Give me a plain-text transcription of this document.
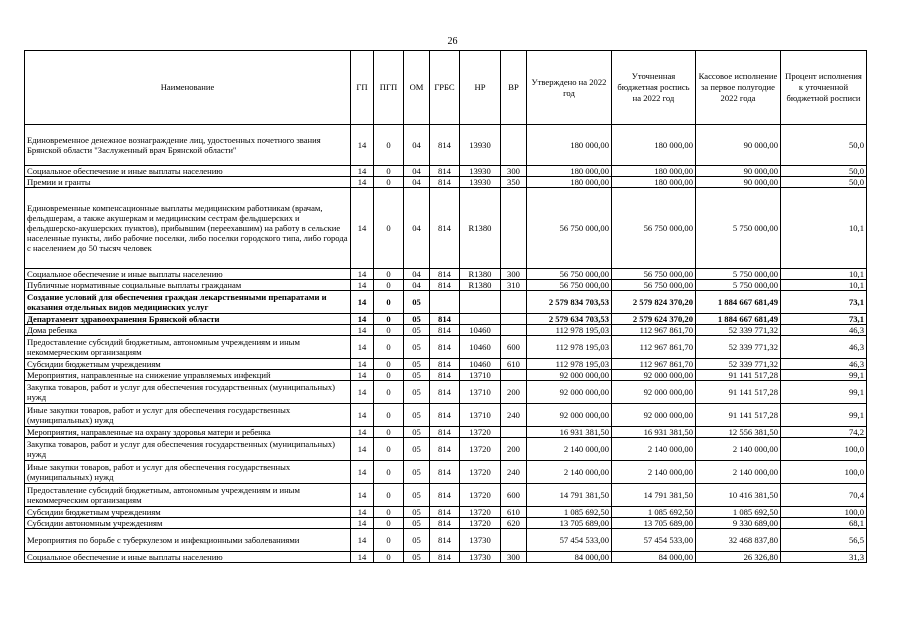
26
Наименование	ГП	ПГП	ОМ	ГРБС	НР	ВР	Утверждено на 2022 год	Уточненная бюджетная роспись на 2022 год	Кассовое исполнение за первое полугодие 2022 года	Процент исполнения к уточненной бюджетной росписи
Единовременное денежное вознаграждение лиц, удостоенных почетного звания Брянской области "Заслуженный врач Брянской области"	14	0	04	814	13930		180 000,00	180 000,00	90 000,00	50,0
Социальное обеспечение и иные выплаты населению	14	0	04	814	13930	300	180 000,00	180 000,00	90 000,00	50,0
Премии и гранты	14	0	04	814	13930	350	180 000,00	180 000,00	90 000,00	50,0
Единовременные компенсационные выплаты медицинским работникам (врачам, фельдшерам, а также акушеркам и медицинским сестрам фельдшерских и фельдшерско-акушерских пунктов), прибывшим (переехавшим) на работу в сельские населенные пункты, либо рабочие поселки, либо поселки городского типа, либо города с населением до 50 тысяч человек	14	0	04	814	R1380		56 750 000,00	56 750 000,00	5 750 000,00	10,1
Социальное обеспечение и иные выплаты населению	14	0	04	814	R1380	300	56 750 000,00	56 750 000,00	5 750 000,00	10,1
Публичные нормативные социальные выплаты гражданам	14	0	04	814	R1380	310	56 750 000,00	56 750 000,00	5 750 000,00	10,1
Создание условий для обеспечения граждан лекарственными препаратами и оказания отдельных видов медицинских услуг	14	0	05				2 579 834 703,53	2 579 824 370,20	1 884 667 681,49	73,1
Департамент здравоохранения Брянской области	14	0	05	814			2 579 634 703,53	2 579 624 370,20	1 884 667 681,49	73,1
Дома ребенка	14	0	05	814	10460		112 978 195,03	112 967 861,70	52 339 771,32	46,3
Предоставление субсидий бюджетным, автономным учреждениям и иным некоммерческим организациям	14	0	05	814	10460	600	112 978 195,03	112 967 861,70	52 339 771,32	46,3
Субсидии бюджетным учреждениям	14	0	05	814	10460	610	112 978 195,03	112 967 861,70	52 339 771,32	46,3
Мероприятия, направленные на снижение управляемых инфекций	14	0	05	814	13710		92 000 000,00	92 000 000,00	91 141 517,28	99,1
Закупка товаров, работ и услуг для обеспечения государственных (муниципальных) нужд	14	0	05	814	13710	200	92 000 000,00	92 000 000,00	91 141 517,28	99,1
Иные закупки товаров, работ и услуг для обеспечения государственных (муниципальных) нужд	14	0	05	814	13710	240	92 000 000,00	92 000 000,00	91 141 517,28	99,1
Мероприятия, направленные на охрану здоровья матери и ребенка	14	0	05	814	13720		16 931 381,50	16 931 381,50	12 556 381,50	74,2
Закупка товаров, работ и услуг для обеспечения государственных (муниципальных) нужд	14	0	05	814	13720	200	2 140 000,00	2 140 000,00	2 140 000,00	100,0
Иные закупки товаров, работ и услуг для обеспечения государственных (муниципальных) нужд	14	0	05	814	13720	240	2 140 000,00	2 140 000,00	2 140 000,00	100,0
Предоставление субсидий бюджетным, автономным учреждениям и иным некоммерческим организациям	14	0	05	814	13720	600	14 791 381,50	14 791 381,50	10 416 381,50	70,4
Субсидии бюджетным учреждениям	14	0	05	814	13720	610	1 085 692,50	1 085 692,50	1 085 692,50	100,0
Субсидии автономным учреждениям	14	0	05	814	13720	620	13 705 689,00	13 705 689,00	9 330 689,00	68,1
Мероприятия по борьбе с туберкулезом и инфекционными заболеваниями	14	0	05	814	13730		57 454 533,00	57 454 533,00	32 468 837,80	56,5
Социальное обеспечение и иные выплаты населению	14	0	05	814	13730	300	84 000,00	84 000,00	26 326,80	31,3
